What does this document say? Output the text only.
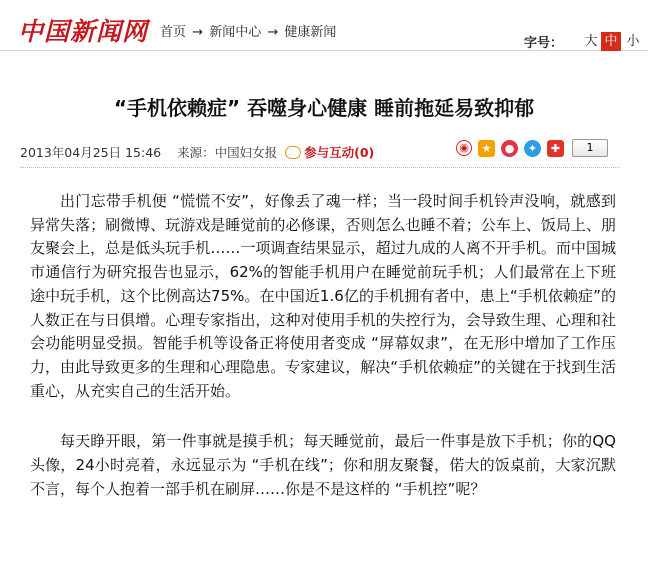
中国新闻网 首页 → 新闻中心 → 健康新闻
字号： 大 中 小
“手机依赖症” 吞噬身心健康 睡前拖延易致抑郁
2013年04月25日 15:46 来源：中国妇女报 参与互动(0)	◉	★	●	✦	✚	1

出门忘带手机便 “慌慌不安”，好像丢了魂一样；当一段时间手机铃声没响，就感到异常失落；刷微博、玩游戏是睡觉前的必修课，否则怎么也睡不着；公车上、饭局上、朋友聚会上，总是低头玩手机……一项调查结果显示，超过九成的人离不开手机。而中国城市通信行为研究报告也显示，62%的智能手机用户在睡觉前玩手机；人们最常在上下班途中玩手机，这个比例高达75%。在中国近1.6亿的手机拥有者中，患上“手机依赖症”的人数正在与日俱增。心理专家指出，这种对使用手机的失控行为，会导致生理、心理和社会功能明显受损。智能手机等设备正将使用者变成 “屏幕奴隶”，在无形中增加了工作压力，由此导致更多的生理和心理隐患。专家建议，解决“手机依赖症”的关键在于找到生活重心，从充实自己的生活开始。

每天睁开眼，第一件事就是摸手机；每天睡觉前，最后一件事是放下手机；你的QQ头像，24小时亮着，永远显示为 “手机在线”；你和朋友聚餐，偌大的饭桌前，大家沉默不言，每个人抱着一部手机在刷屏……你是不是这样的 “手机控”呢？
